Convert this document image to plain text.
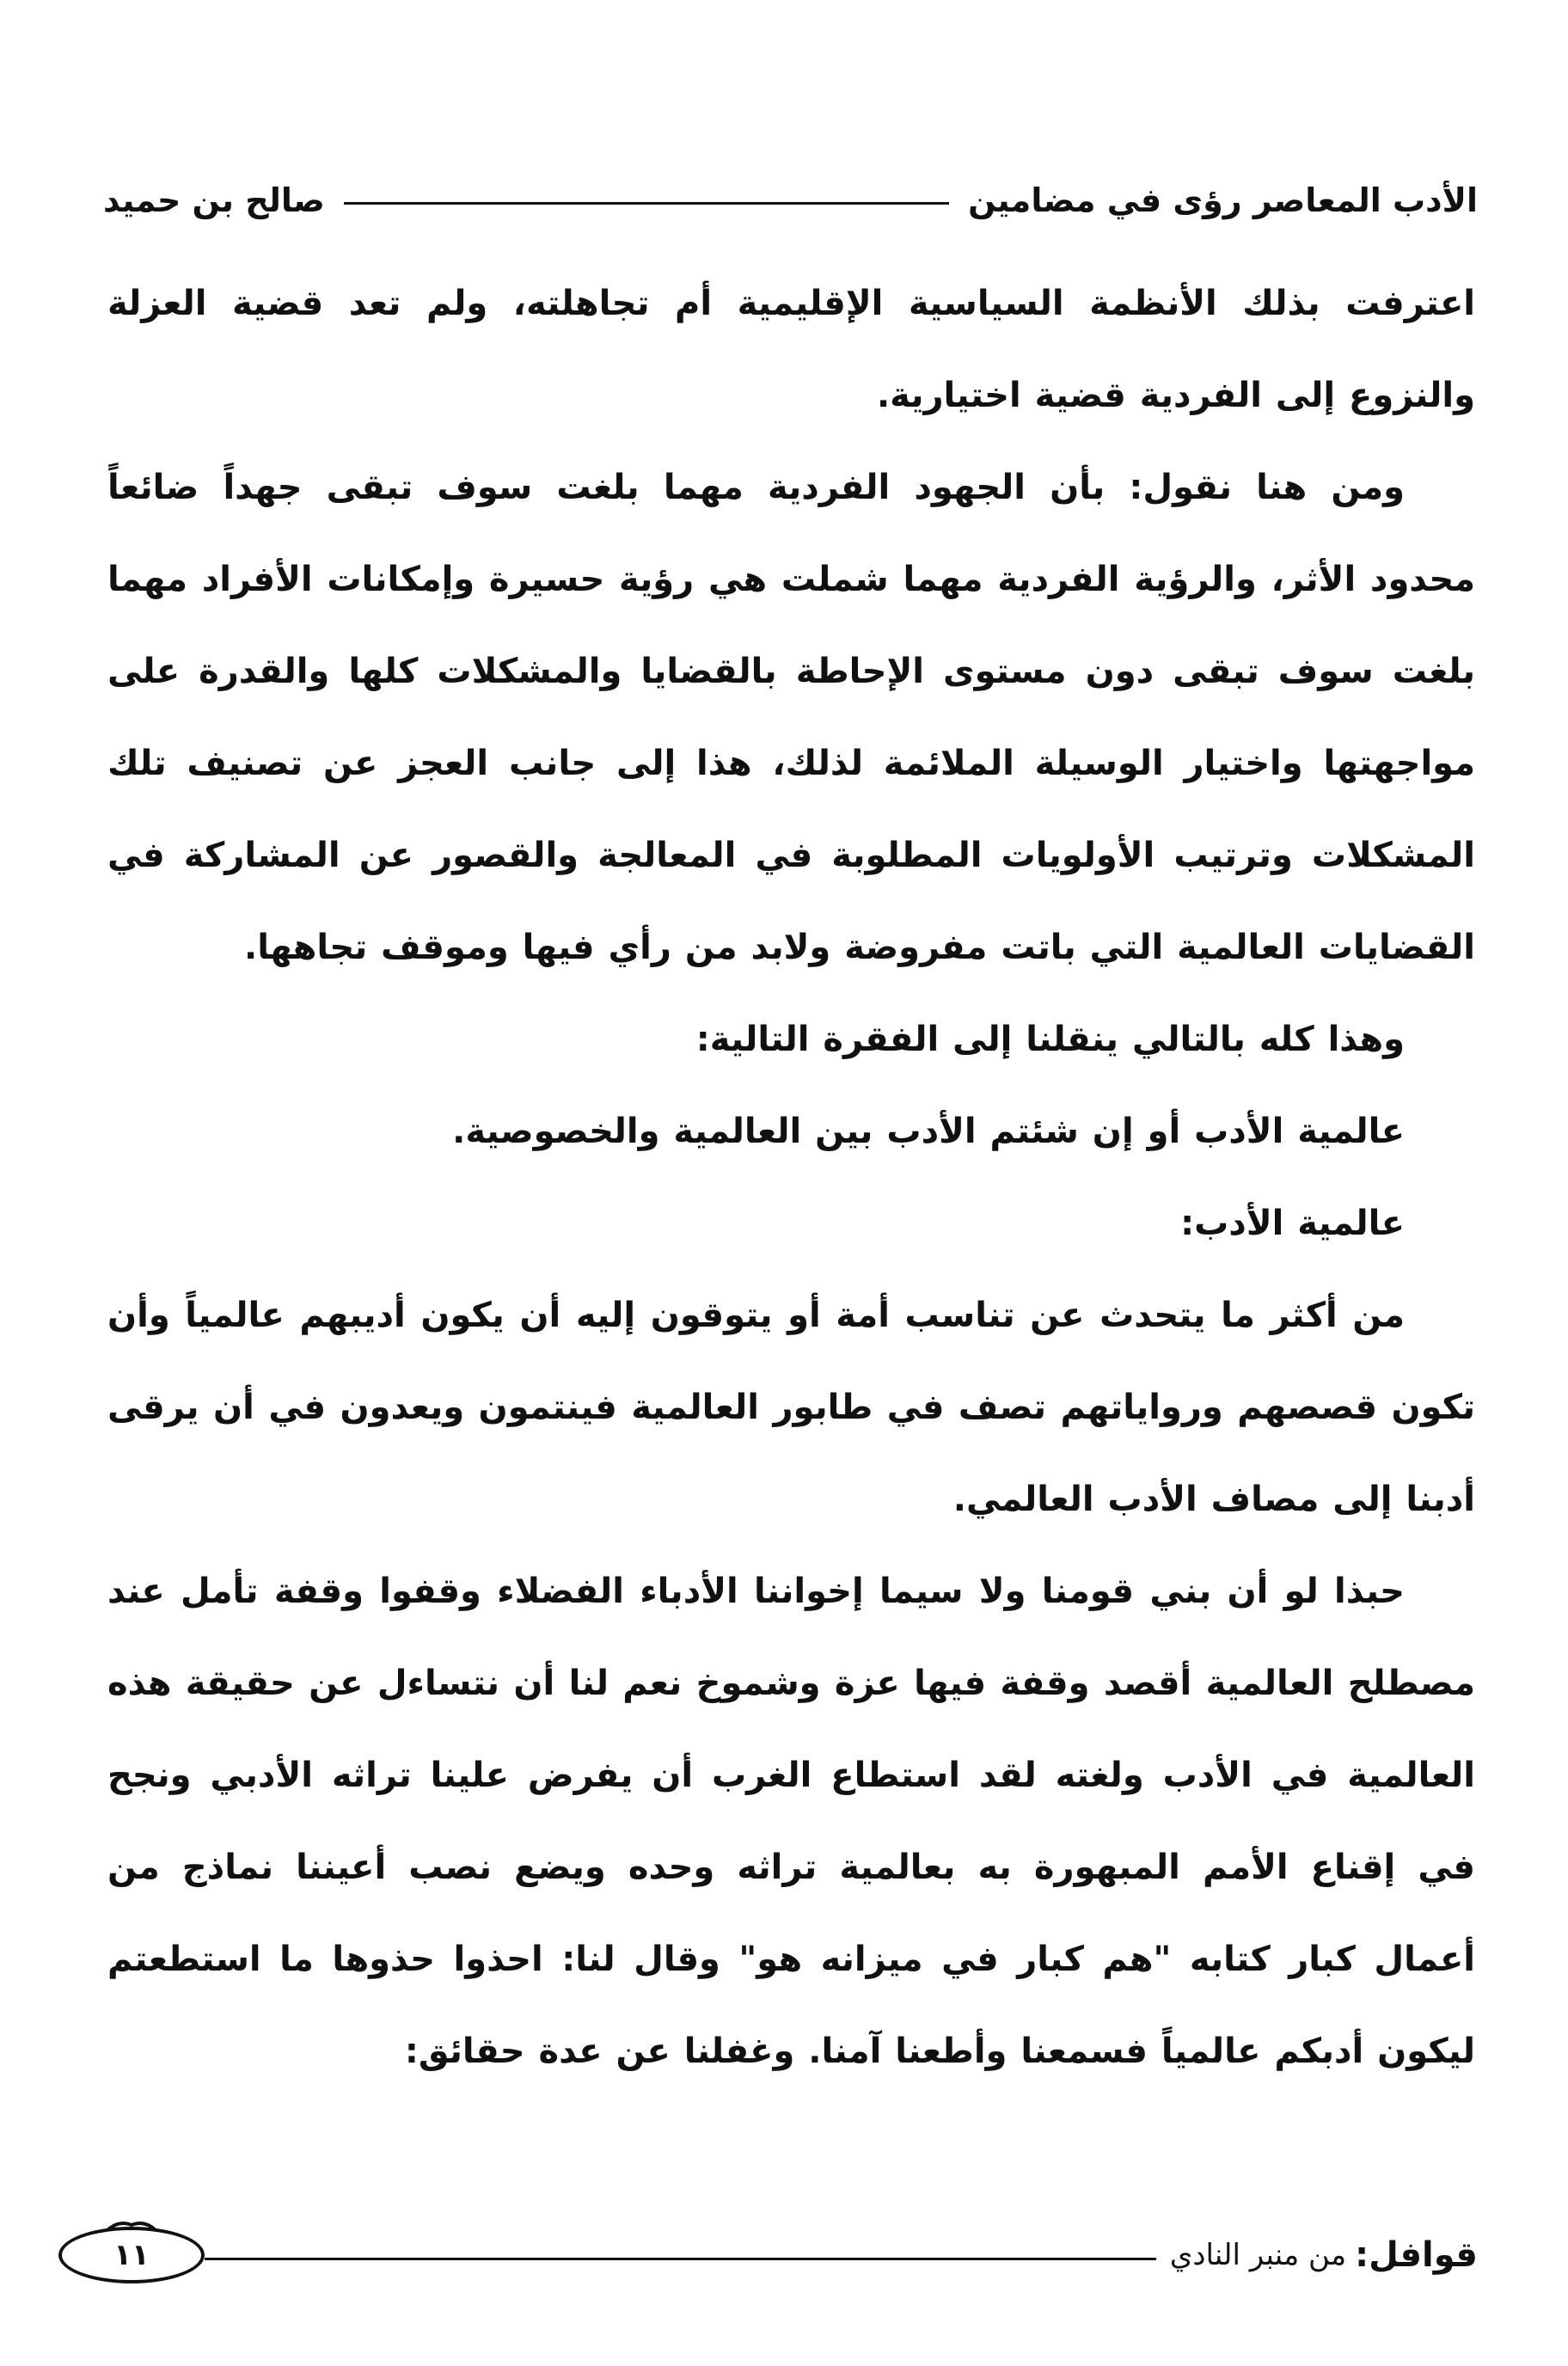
الأدب المعاصر رؤى في مضامين
صالح بن حميد

اعترفت بذلك الأنظمة السياسية الإقليمية أم تجاهلته، ولم تعد قضية العزلة والنزوع إلى الفردية قضية اختيارية.

ومن هنا نقول: بأن الجهود الفردية مهما بلغت سوف تبقى جهداً ضائعاً محدود الأثر، والرؤية الفردية مهما شملت هي رؤية حسيرة وإمكانات الأفراد مهما بلغت سوف تبقى دون مستوى الإحاطة بالقضايا والمشكلات كلها والقدرة على مواجهتها واختيار الوسيلة الملائمة لذلك، هذا إلى جانب العجز عن تصنيف تلك المشكلات وترتيب الأولويات المطلوبة في المعالجة والقصور عن المشاركة في القضايات العالمية التي باتت مفروضة ولابد من رأي فيها وموقف تجاهها.

وهذا كله بالتالي ينقلنا إلى الفقرة التالية:

عالمية الأدب أو إن شئتم الأدب بين العالمية والخصوصية.

عالمية الأدب:

من أكثر ما يتحدث عن تناسب أمة أو يتوقون إليه أن يكون أديبهم عالمياً وأن تكون قصصهم ورواياتهم تصف في طابور العالمية فينتمون ويعدون في أن يرقى أدبنا إلى مصاف الأدب العالمي.

حبذا لو أن بني قومنا ولا سيما إخواننا الأدباء الفضلاء وقفوا وقفة تأمل عند مصطلح العالمية أقصد وقفة فيها عزة وشموخ نعم لنا أن نتساءل عن حقيقة هذه العالمية في الأدب ولغته لقد استطاع الغرب أن يفرض علينا تراثه الأدبي ونجح في إقناع الأمم المبهورة به بعالمية تراثه وحده ويضع نصب أعيننا نماذج من أعمال كبار كتابه "هم كبار في ميزانه هو" وقال لنا: احذوا حذوها ما استطعتم ليكون أدبكم عالمياً فسمعنا وأطعنا آمنا. وغفلنا عن عدة حقائق:

قوافل:
من منبر النادي
١١
